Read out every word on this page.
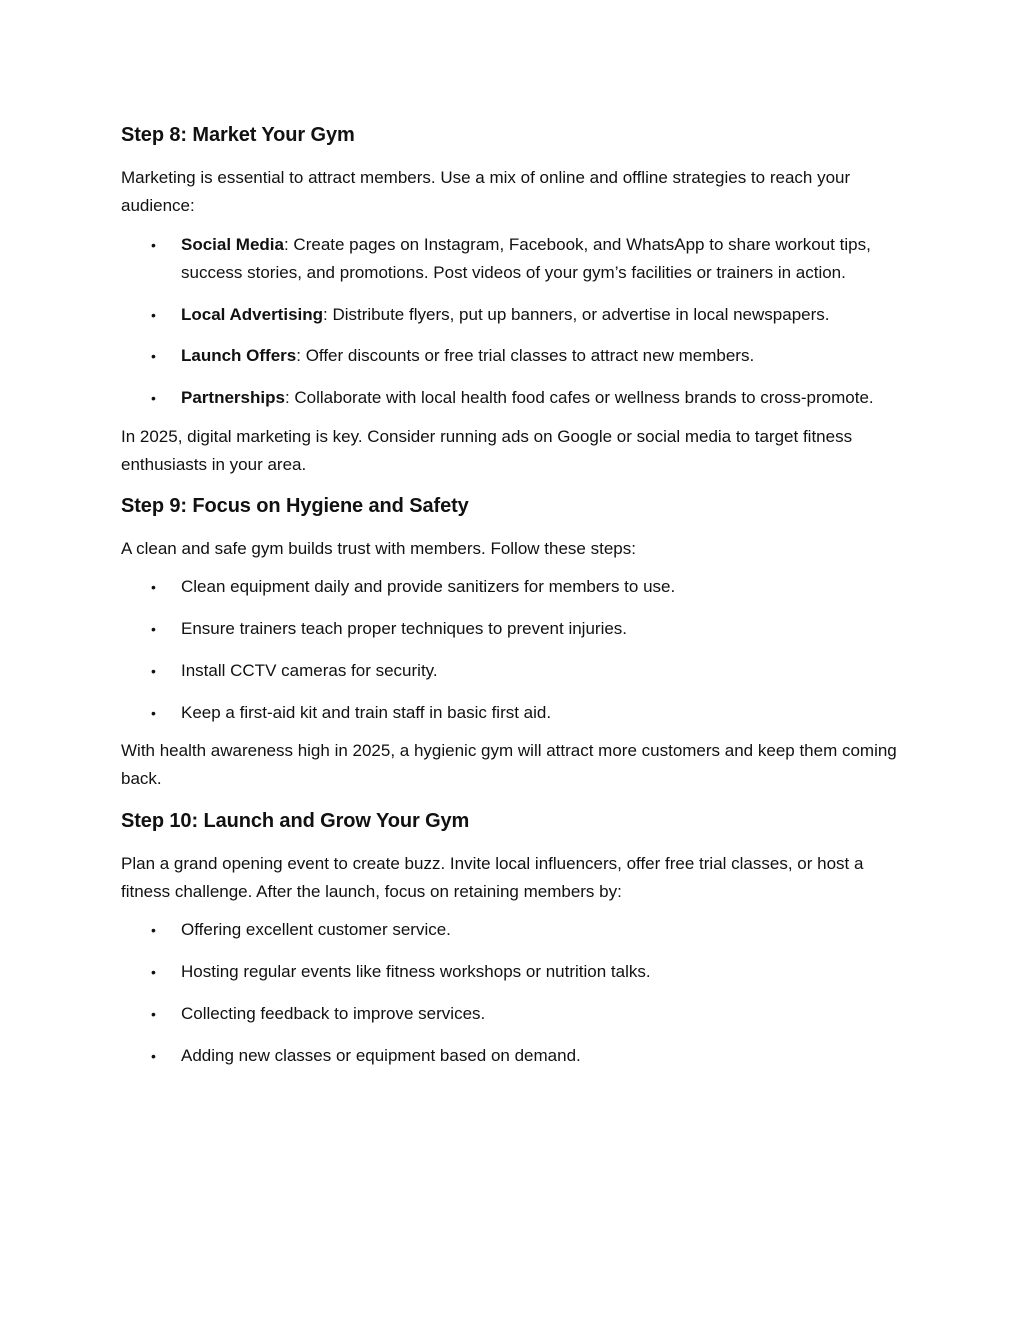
Step 8: Market Your Gym

Marketing is essential to attract members. Use a mix of online and offline strategies to reach your audience:

• Social Media: Create pages on Instagram, Facebook, and WhatsApp to share workout tips, success stories, and promotions. Post videos of your gym’s facilities or trainers in action.
• Local Advertising: Distribute flyers, put up banners, or advertise in local newspapers.
• Launch Offers: Offer discounts or free trial classes to attract new members.
• Partnerships: Collaborate with local health food cafes or wellness brands to cross-promote.

In 2025, digital marketing is key. Consider running ads on Google or social media to target fitness enthusiasts in your area.

Step 9: Focus on Hygiene and Safety

A clean and safe gym builds trust with members. Follow these steps:

• Clean equipment daily and provide sanitizers for members to use.
• Ensure trainers teach proper techniques to prevent injuries.
• Install CCTV cameras for security.
• Keep a first-aid kit and train staff in basic first aid.

With health awareness high in 2025, a hygienic gym will attract more customers and keep them coming back.

Step 10: Launch and Grow Your Gym

Plan a grand opening event to create buzz. Invite local influencers, offer free trial classes, or host a fitness challenge. After the launch, focus on retaining members by:

• Offering excellent customer service.
• Hosting regular events like fitness workshops or nutrition talks.
• Collecting feedback to improve services.
• Adding new classes or equipment based on demand.
